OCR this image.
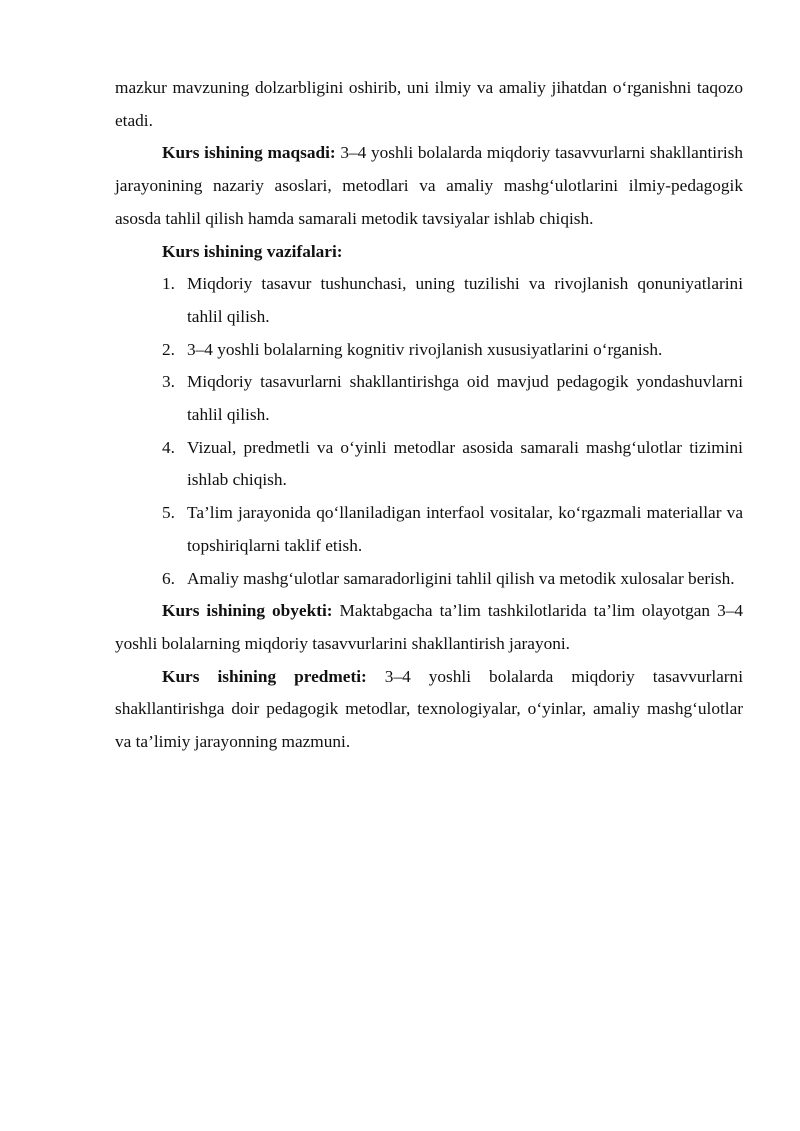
mazkur mavzuning dolzarbligini oshirib, uni ilmiy va amaliy jihatdan o‘rganishni taqozo etadi.

Kurs ishining maqsadi: 3–4 yoshli bolalarda miqdoriy tasavvurlarni shakllantirish jarayonining nazariy asoslari, metodlari va amaliy mashg‘ulotlarini ilmiy-pedagogik asosda tahlil qilish hamda samarali metodik tavsiyalar ishlab chiqish.

Kurs ishining vazifalari:

1. Miqdoriy tasavur tushunchasi, uning tuzilishi va rivojlanish qonuniyatlarini tahlil qilish.
2. 3–4 yoshli bolalarning kognitiv rivojlanish xususiyatlarini o‘rganish.
3. Miqdoriy tasavurlarni shakllantirishga oid mavjud pedagogik yondashuvlarni tahlil qilish.
4. Vizual, predmetli va o‘yinli metodlar asosida samarali mashg‘ulotlar tizimini ishlab chiqish.
5. Ta’lim jarayonida qo‘llaniladigan interfaol vositalar, ko‘rgazmali materiallar va topshiriqlarni taklif etish.
6. Amaliy mashg‘ulotlar samaradorligini tahlil qilish va metodik xulosalar berish.

Kurs ishining obyekti: Maktabgacha ta’lim tashkilotlarida ta’lim olayotgan 3–4 yoshli bolalarning miqdoriy tasavvurlarini shakllantirish jarayoni.

Kurs ishining predmeti: 3–4 yoshli bolalarda miqdoriy tasavvurlarni shakllantirishga doir pedagogik metodlar, texnologiyalar, o‘yinlar, amaliy mashg‘ulotlar va ta’limiy jarayonning mazmuni.
